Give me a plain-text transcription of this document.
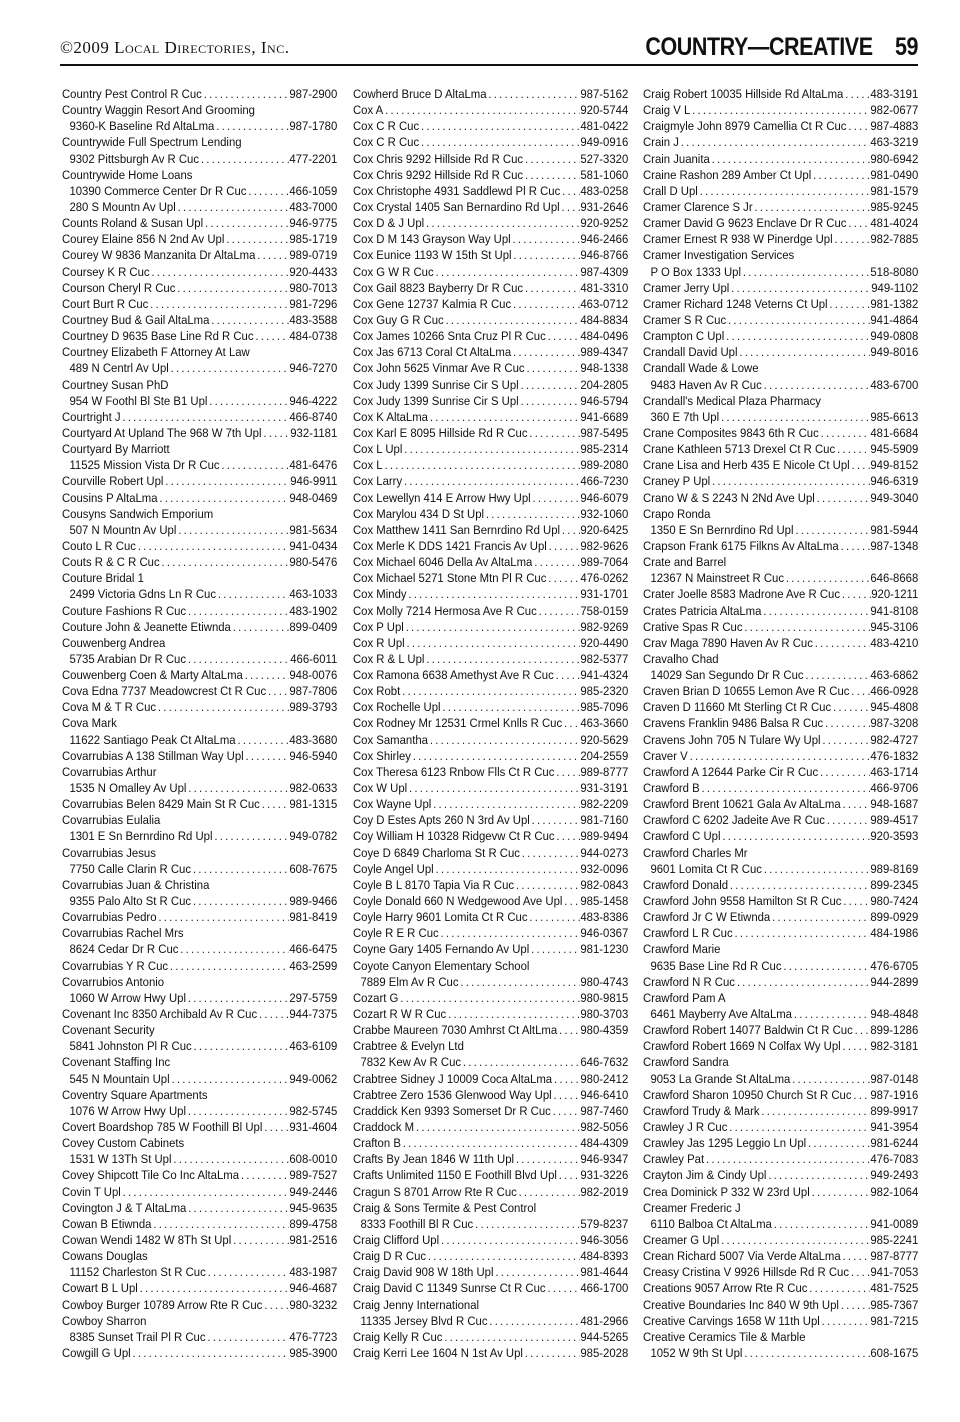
©2009 Local Directories, Inc.	COUNTRY—CREATIVE 59
Country Pest Control R Cuc . . .	987-2900
Country Waggin Resort And Grooming
9360-K Baseline Rd AltaLma . . .	987-1780
Countrywide Full Spectrum Lending
9302 Pittsburgh Av R Cuc . . .	477-2201
Countrywide Home Loans
10390 Commerce Center Dr R Cuc . . .	466-1059
280 S Mountn Av Upl . . .	483-7000
Counts Roland & Susan Upl . . .	946-9775
Courey Elaine 856 N 2nd Av Upl . . .	985-1719
Courey W 9836 Manzanita Dr AltaLma . . .	989-0719
Coursey K R Cuc . . .	920-4433
Courson Cheryl R Cuc . . .	980-7013
Court Burt R Cuc . . .	981-7296
Courtney Bud & Gail AltaLma . . .	483-3588
Courtney D 9635 Base Line Rd R Cuc . . .	484-0738
Courtney Elizabeth F Attorney At Law
489 N Centrl Av Upl . . .	946-7270
Courtney Susan PhD
954 W Foothl Bl Ste B1 Upl . . .	946-4222
Courtright J . . .	466-8740
Courtyard At Upland The 968 W 7th Upl . . . 932-1181
Courtyard By Marriott
11525 Mission Vista Dr R Cuc . . .	481-6476
Courville Robert Upl . . .	946-9911
Cousins P AltaLma . . .	948-0469
Cousyns Sandwich Emporium
507 N Mountn Av Upl . . .	981-5634
Couto L R Cuc . . .	941-0434
Couts R & C R Cuc . . .	980-5476
Couture Bridal 1
2499 Victoria Gdns Ln R Cuc . . .	463-1033
Couture Fashions R Cuc . . .	483-1902
Couture John & Jeanette Etiwnda . . .	899-0409
Couwenberg Andrea
5735 Arabian Dr R Cuc . . .	466-6011
Couwenberg Coen & Marty AltaLma . . .	948-0076
Cova Edna 7737 Meadowcrest Ct R Cuc . . . 987-7806
Cova M & T R Cuc . . .	989-3793
Cova Mark
11622 Santiago Peak Ct AltaLma . . .	483-3680
Covarrubias A 138 Stillman Way Upl . . .	946-5940
Covarrubias Arthur
1535 N Omalley Av Upl . . .	982-0633
Covarrubias Belen 8429 Main St R Cuc . . . 981-1315
Covarrubias Eulalia
1301 E Sn Bernrdino Rd Upl . . .	949-0782
Covarrubias Jesus
7750 Calle Clarin R Cuc . . .	608-7675
Covarrubias Juan & Christina
9355 Palo Alto St R Cuc . . .	989-9466
Covarrubias Pedro . . .	981-8419
Covarrubias Rachel Mrs
8624 Cedar Dr R Cuc . . .	466-6475
Covarrubias Y R Cuc . . .	463-2599
Covarrubios Antonio
1060 W Arrow Hwy Upl . . .	297-5759
Covenant Inc 8350 Archibald Av R Cuc . . .	944-7375
Covenant Security
5841 Johnston Pl R Cuc . . .	463-6109
Covenant Staffing Inc
545 N Mountain Upl . . .	949-0062
Coventry Square Apartments
1076 W Arrow Hwy Upl . . .	982-5745
Covert Boardshop 785 W Foothill Bl Upl . . . 931-4604
Covey Custom Cabinets
1531 W 13Th St Upl . . .	608-0010
Covey Shipcott Tile Co Inc AltaLma . . .	989-7527
Covin T Upl . . .	949-2446
Covington J & T AltaLma . . .	945-9635
Cowan B Etiwnda . . .	899-4758
Cowan Wendi 1482 W 8Th St Upl . . .	981-2516
Cowans Douglas
11152 Charleston St R Cuc . . .	483-1987
Cowart B L Upl . . .	946-4687
Cowboy Burger 10789 Arrow Rte R Cuc . . . 980-3232
Cowboy Sharron
8385 Sunset Trail Pl R Cuc . . .	476-7723
Cowgill G Upl . . .	985-3900
Cowherd Bruce D AltaLma . . .	987-5162
Cox A . . .	920-5744
Cox C R Cuc . . .	481-0422
Cox C R Cuc . . .	949-0916
Cox Chris 9292 Hillside Rd R Cuc . . .	527-3320
Cox Chris 9292 Hillside Rd R Cuc . . .	581-1060
Cox Christophe 4931 Saddlewd Pl R Cuc . . . 483-0258
Cox Crystal 1405 San Bernardino Rd Upl . . . 931-2646
Cox D & J Upl . . .	920-9252
Cox D M 143 Grayson Way Upl . . .	946-2466
Cox Eunice 1193 W 15th St Upl . . .	946-8766
Cox G W R Cuc . . .	987-4309
Cox Gail 8823 Bayberry Dr R Cuc . . .	481-3310
Cox Gene 12737 Kalmia R Cuc . . .	463-0712
Cox Guy G R Cuc . . .	484-8834
Cox James 10266 Snta Cruz Pl R Cuc . . .	484-0496
Cox Jas 6713 Coral Ct AltaLma . . .	989-4347
Cox John 5625 Vinmar Ave R Cuc . . .	948-1338
Cox Judy 1399 Sunrise Cir S Upl . . .	204-2805
Cox Judy 1399 Sunrise Cir S Upl . . .	946-5794
Cox K AltaLma . . .	941-6689
Cox Karl E 8095 Hillside Rd R Cuc . . .	987-5495
Cox L Upl . . .	985-2314
Cox L . . .	989-2080
Cox Larry . . .	466-7230
Cox Lewellyn 414 E Arrow Hwy Upl . . .	946-6079
Cox Marylou 434 D St Upl . . .	932-1060
Cox Matthew 1411 San Bernrdino Rd Upl . . . 920-6425
Cox Merle K DDS 1421 Francis Av Upl . . .	982-9626
Cox Michael 6046 Della Av AltaLma . . .	989-7064
Cox Michael 5271 Stone Mtn Pl R Cuc . . .	476-0262
Cox Mindy . . .	931-1701
Cox Molly 7214 Hermosa Ave R Cuc . . .	758-0159
Cox P Upl . . .	982-9269
Cox R Upl . . .	920-4490
Cox R & L Upl . . .	982-5377
Cox Ramona 6638 Amethyst Ave R Cuc . . . 941-4324
Cox Robt . . .	985-2320
Cox Rochelle Upl . . .	985-7096
Cox Rodney Mr 12531 Crmel Knlls R Cuc . . . 463-3660
Cox Samantha . . .	920-5629
Cox Shirley . . .	204-2559
Cox Theresa 6123 Rnbow Flls Ct R Cuc . . . 989-8777
Cox W Upl . . .	931-3191
Cox Wayne Upl . . .	982-2209
Coy D Estes Apts 260 N 3rd Av Upl . . .	981-7160
Coy William H 10328 Ridgevw Ct R Cuc . . . 989-9494
Coye D 6849 Charloma St R Cuc . . .	944-0273
Coyle Angel Upl . . .	932-0096
Coyle B L 8170 Tapia Via R Cuc . . .	982-0843
Coyle Donald 660 N Wedgewood Ave Upl . . . 985-1458
Coyle Harry 9601 Lomita Ct R Cuc . . .	483-8386
Coyle R E R Cuc . . .	946-0367
Coyne Gary 1405 Fernando Av Upl . . .	981-1230
Coyote Canyon Elementary School
7889 Elm Av R Cuc . . .	980-4743
Cozart G . . .	980-9815
Cozart R W R Cuc . . .	980-3703
Crabbe Maureen 7030 Amhrst Ct AltLma . . . 980-4359
Crabtree & Evelyn Ltd
7832 Kew Av R Cuc . . .	646-7632
Crabtree Sidney J 10009 Coca AltaLma . . . 980-2412
Crabtree Zero 1536 Glenwood Way Upl . . . 946-6410
Craddick Ken 9393 Somerset Dr R Cuc . . . 987-7460
Craddock M . . .	982-5056
Crafton B . . .	484-4309
Crafts By Jean 1846 W 11th Upl . . .	946-9347
Crafts Unlimited 1150 E Foothill Blvd Upl . . . 931-3226
Cragun S 8701 Arrow Rte R Cuc . . .	982-2019
Craig & Sons Termite & Pest Control
8333 Foothill Bl R Cuc . . .	579-8237
Craig Clifford Upl . . .	946-3056
Craig D R Cuc . . .	484-8393
Craig David 908 W 18th Upl . . .	981-4644
Craig David C 11349 Sunrse Ct R Cuc . . .	466-1700
Craig Jenny International
11335 Jersey Blvd R Cuc . . .	481-2966
Craig Kelly R Cuc . . .	944-5265
Craig Kerri Lee 1604 N 1st Av Upl . . .	985-2028
Craig Robert 10035 Hillside Rd AltaLma . . . 483-3191
Craig V L . . .	982-0677
Craigmyle John 8979 Camellia Ct R Cuc . . . 987-4883
Crain J . . .	463-3219
Crain Juanita . . .	980-6942
Craine Rashon 289 Amber Ct Upl . . .	981-0490
Crall D Upl . . .	981-1579
Cramer Clarence S Jr . . .	985-9245
Cramer David G 9623 Enclave Dr R Cuc . . . 481-4024
Cramer Ernest R 938 W Pinerdge Upl . . .	982-7885
Cramer Investigation Services
P O Box 1333 Upl . . .	518-8080
Cramer Jerry Upl . . .	949-1102
Cramer Richard 1248 Veterns Ct Upl . . .	981-1382
Cramer S R Cuc . . .	941-4864
Crampton C Upl . . .	949-0808
Crandall David Upl . . .	949-8016
Crandall Wade & Lowe
9483 Haven Av R Cuc . . .	483-6700
Crandall's Medical Plaza Pharmacy
360 E 7th Upl . . .	985-6613
Crane Composites 9843 6th R Cuc . . .	481-6684
Crane Kathleen 5713 Drexel Ct R Cuc . . .	945-5909
Crane Lisa and Herb 435 E Nicole Ct Upl . . . 949-8152
Craney P Upl . . .	946-6319
Crano W & S 2243 N 2Nd Ave Upl . . .	949-3040
Crapo Ronda
1350 E Sn Bernrdino Rd Upl . . .	981-5944
Crapson Frank 6175 Filkns Av AltaLma . . .	987-1348
Crate and Barrel
12367 N Mainstreet R Cuc . . .	646-8668
Crater Joelle 8583 Madrone Ave R Cuc . . .	920-1211
Crates Patricia AltaLma . . .	941-8108
Crative Spas R Cuc . . .	945-3106
Crav Maga 7890 Haven Av R Cuc . . .	483-4210
Cravalho Chad
14029 San Segundo Dr R Cuc . . .	463-6862
Craven Brian D 10655 Lemon Ave R Cuc . . . 466-0928
Craven D 11660 Mt Sterling Ct R Cuc . . .	945-4808
Cravens Franklin 9486 Balsa R Cuc . . .	987-3208
Cravens John 705 N Tulare Wy Upl . . .	982-4727
Craver V . . .	476-1832
Crawford A 12644 Parke Cir R Cuc . . .	463-1714
Crawford B . . .	466-9706
Crawford Brent 10621 Gala Av AltaLma . . . 948-1687
Crawford C 6202 Jadeite Ave R Cuc . . .	989-4517
Crawford C Upl . . .	920-3593
Crawford Charles Mr
9601 Lomita Ct R Cuc . . .	989-8169
Crawford Donald . . .	899-2345
Crawford John 9558 Hamilton St R Cuc . . . 980-7424
Crawford Jr C W Etiwnda . . .	899-0929
Crawford L R Cuc . . .	484-1986
Crawford Marie
9635 Base Line Rd R Cuc . . .	476-6705
Crawford N R Cuc . . .	944-2899
Crawford Pam A
6461 Mayberry Ave AltaLma . . .	948-4848
Crawford Robert 14077 Baldwin Ct R Cuc . . . 899-1286
Crawford Robert 1669 N Colfax Wy Upl . . . 982-3181
Crawford Sandra
9053 La Grande St AltaLma . . .	987-0148
Crawford Sharon 10950 Church St R Cuc . . . 987-1916
Crawford Trudy & Mark . . .	899-9917
Crawley J R Cuc . . .	941-3954
Crawley Jas 1295 Leggio Ln Upl . . .	981-6244
Crawley Pat . . .	476-7083
Crayton Jim & Cindy Upl . . .	949-2493
Crea Dominick P 332 W 23rd Upl . . .	982-1064
Creamer Frederic J
6110 Balboa Ct AltaLma . . .	941-0089
Creamer G Upl . . .	985-2241
Crean Richard 5007 Via Verde AltaLma . . . 987-8777
Creasy Cristina V 9926 Hillsde Rd R Cuc . . . 941-7053
Creations 9057 Arrow Rte R Cuc . . .	481-7525
Creative Boundaries Inc 840 W 9th Upl . . .	985-7367
Creative Carvings 1658 W 11th Upl . . .	981-7215
Creative Ceramics Tile & Marble
1052 W 9th St Upl . . .	608-1675
